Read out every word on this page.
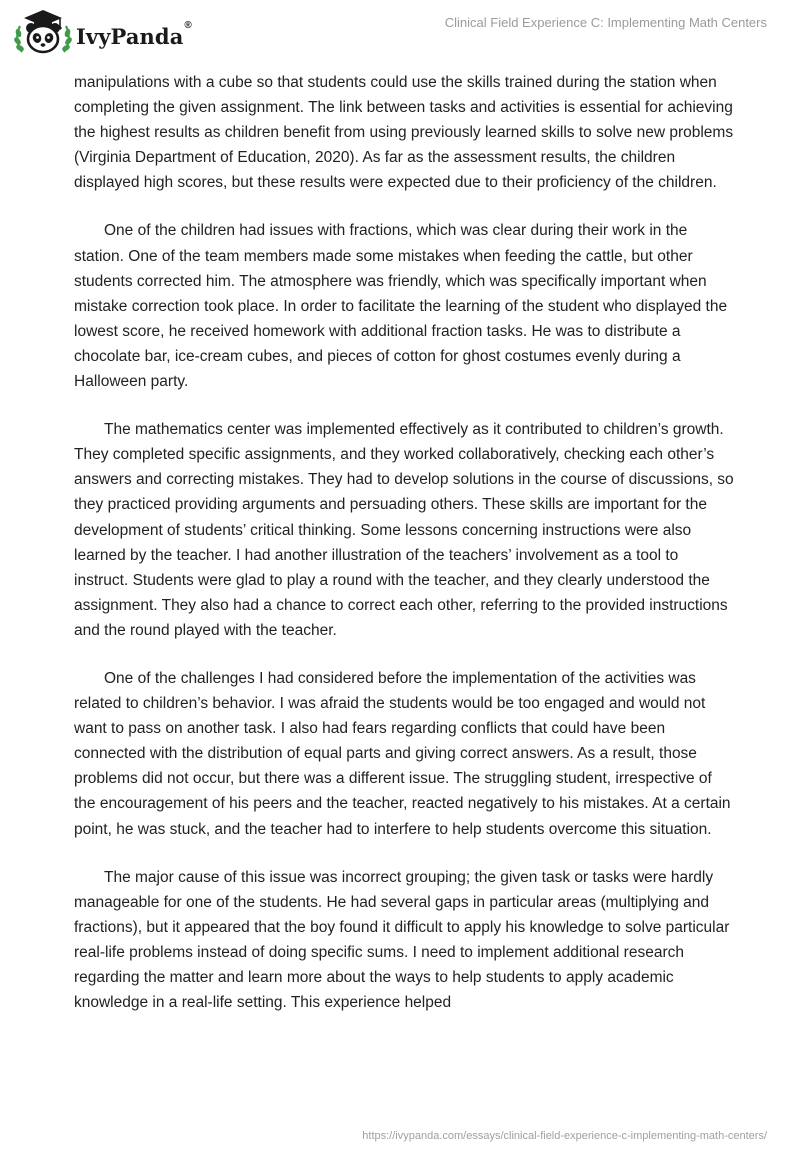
IvyPanda®	Clinical Field Experience C: Implementing Math Centers

manipulations with a cube so that students could use the skills trained during the station when completing the given assignment. The link between tasks and activities is essential for achieving the highest results as children benefit from using previously learned skills to solve new problems (Virginia Department of Education, 2020). As far as the assessment results, the children displayed high scores, but these results were expected due to their proficiency of the children.

One of the children had issues with fractions, which was clear during their work in the station. One of the team members made some mistakes when feeding the cattle, but other students corrected him. The atmosphere was friendly, which was specifically important when mistake correction took place. In order to facilitate the learning of the student who displayed the lowest score, he received homework with additional fraction tasks. He was to distribute a chocolate bar, ice-cream cubes, and pieces of cotton for ghost costumes evenly during a Halloween party.

The mathematics center was implemented effectively as it contributed to children’s growth. They completed specific assignments, and they worked collaboratively, checking each other’s answers and correcting mistakes. They had to develop solutions in the course of discussions, so they practiced providing arguments and persuading others. These skills are important for the development of students’ critical thinking. Some lessons concerning instructions were also learned by the teacher. I had another illustration of the teachers’ involvement as a tool to instruct. Students were glad to play a round with the teacher, and they clearly understood the assignment. They also had a chance to correct each other, referring to the provided instructions and the round played with the teacher.

One of the challenges I had considered before the implementation of the activities was related to children’s behavior. I was afraid the students would be too engaged and would not want to pass on another task. I also had fears regarding conflicts that could have been connected with the distribution of equal parts and giving correct answers. As a result, those problems did not occur, but there was a different issue. The struggling student, irrespective of the encouragement of his peers and the teacher, reacted negatively to his mistakes. At a certain point, he was stuck, and the teacher had to interfere to help students overcome this situation.

The major cause of this issue was incorrect grouping; the given task or tasks were hardly manageable for one of the students. He had several gaps in particular areas (multiplying and fractions), but it appeared that the boy found it difficult to apply his knowledge to solve particular real-life problems instead of doing specific sums. I need to implement additional research regarding the matter and learn more about the ways to help students to apply academic knowledge in a real-life setting. This experience helped

https://ivypanda.com/essays/clinical-field-experience-c-implementing-math-centers/
